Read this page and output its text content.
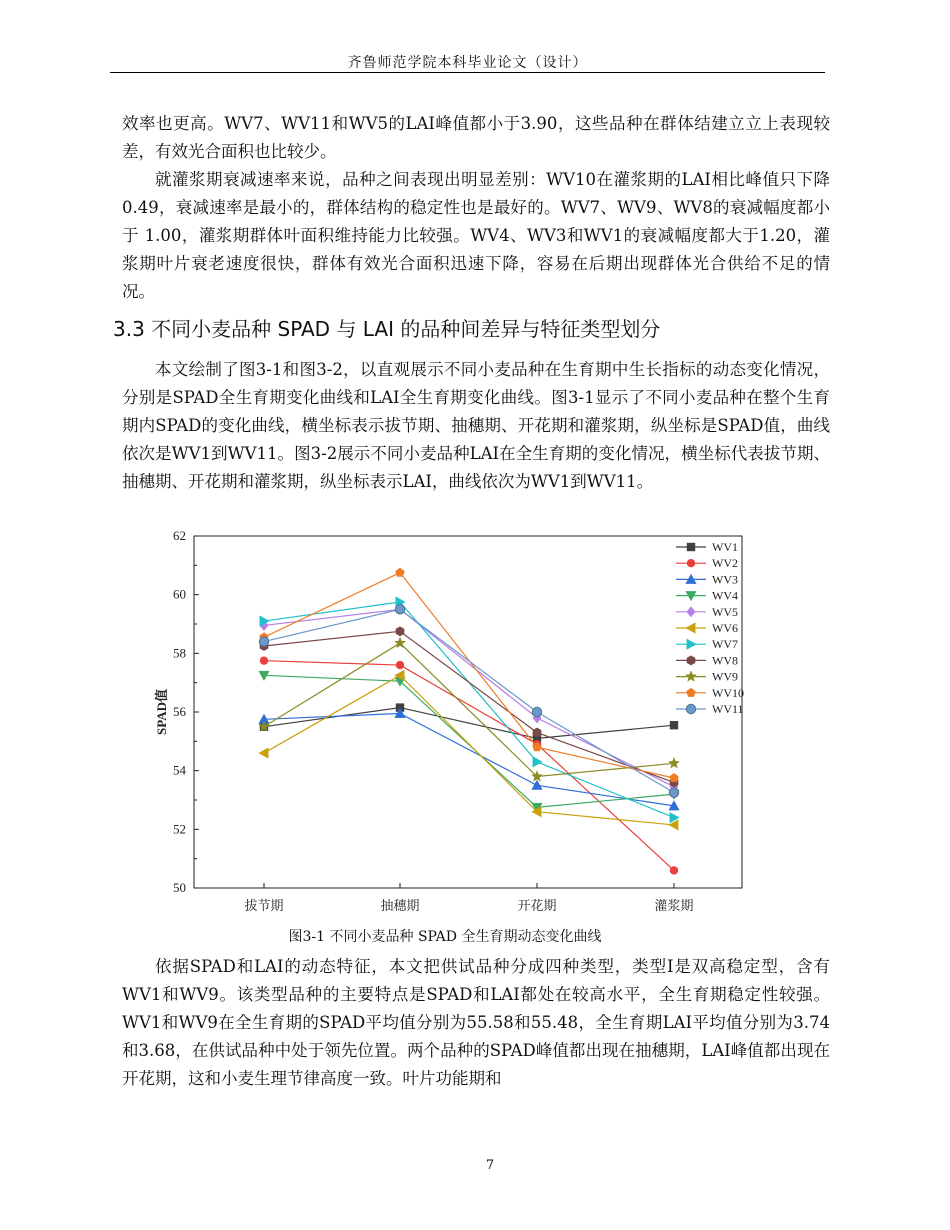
齐鲁师范学院本科毕业论文（设计）

效率也更高。WV7、WV11和WV5的LAI峰值都小于3.90，这些品种在群体结建立立上表现较差，有效光合面积也比较少。

就灌浆期衰减速率来说，品种之间表现出明显差别：WV10在灌浆期的LAI相比峰值只下降0.49，衰减速率是最小的，群体结构的稳定性也是最好的。WV7、WV9、WV8的衰减幅度都小于 1.00，灌浆期群体叶面积维持能力比较强。WV4、WV3和WV1的衰减幅度都大于1.20，灌浆期叶片衰老速度很快，群体有效光合面积迅速下降，容易在后期出现群体光合供给不足的情况。

3.3 不同小麦品种 SPAD 与 LAI 的品种间差异与特征类型划分

本文绘制了图3-1和图3-2，以直观展示不同小麦品种在生育期中生长指标的动态变化情况，分别是SPAD全生育期变化曲线和LAI全生育期变化曲线。图3-1显示了不同小麦品种在整个生育期内SPAD的变化曲线，横坐标表示拔节期、抽穗期、开花期和灌浆期，纵坐标是SPAD值，曲线依次是WV1到WV11。图3-2展示不同小麦品种LAI在全生育期的变化情况，横坐标代表拔节期、抽穗期、开花期和灌浆期，纵坐标表示LAI，曲线依次为WV1到WV11。

50
52
54
56
58
60
62
拔节期	抽穗期	开花期	灌浆期
SPAD值
WV1
WV2
WV3
WV4
WV5
WV6
WV7
WV8
WV9
WV10
WV11
图3-1 不同小麦品种 SPAD 全生育期动态变化曲线

依据SPAD和LAI的动态特征，本文把供试品种分成四种类型，类型Ⅰ是双高稳定型，含有WV1和WV9。该类型品种的主要特点是SPAD和LAI都处在较高水平，全生育期稳定性较强。WV1和WV9在全生育期的SPAD平均值分别为55.58和55.48，全生育期LAI平均值分别为3.74和3.68，在供试品种中处于领先位置。两个品种的SPAD峰值都出现在抽穗期，LAI峰值都出现在开花期，这和小麦生理节律高度一致。叶片功能期和

7
